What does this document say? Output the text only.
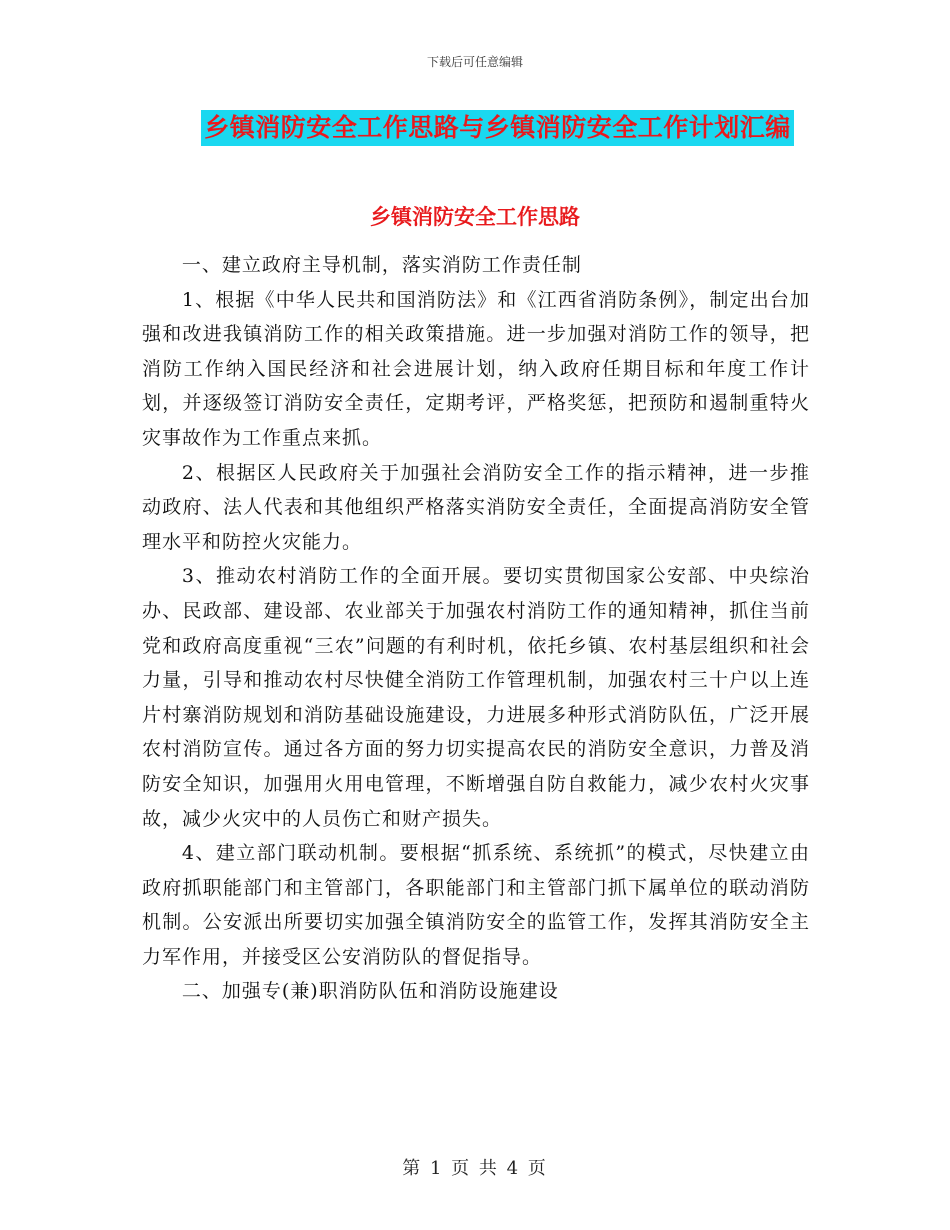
下载后可任意编辑
乡镇消防安全工作思路与乡镇消防安全工作计划汇编
乡镇消防安全工作思路

一、建立政府主导机制，落实消防工作责任制

1、根据《中华人民共和国消防法》和《江西省消防条例》，制定出台加强和改进我镇消防工作的相关政策措施。进一步加强对消防工作的领导，把消防工作纳入国民经济和社会进展计划，纳入政府任期目标和年度工作计划，并逐级签订消防安全责任，定期考评，严格奖惩，把预防和遏制重特火灾事故作为工作重点来抓。

2、根据区人民政府关于加强社会消防安全工作的指示精神，进一步推动政府、法人代表和其他组织严格落实消防安全责任，全面提高消防安全管理水平和防控火灾能力。

3、推动农村消防工作的全面开展。要切实贯彻国家公安部、中央综治办、民政部、建设部、农业部关于加强农村消防工作的通知精神，抓住当前党和政府高度重视“三农”问题的有利时机，依托乡镇、农村基层组织和社会力量，引导和推动农村尽快健全消防工作管理机制，加强农村三十户以上连片村寨消防规划和消防基础设施建设，力进展多种形式消防队伍，广泛开展农村消防宣传。通过各方面的努力切实提高农民的消防安全意识，力普及消防安全知识，加强用火用电管理，不断增强自防自救能力，减少农村火灾事故，减少火灾中的人员伤亡和财产损失。

4、建立部门联动机制。要根据“抓系统、系统抓”的模式，尽快建立由政府抓职能部门和主管部门，各职能部门和主管部门抓下属单位的联动消防机制。公安派出所要切实加强全镇消防安全的监管工作，发挥其消防安全主力军作用，并接受区公安消防队的督促指导。

二、加强专(兼)职消防队伍和消防设施建设

第 1 页 共 4 页
